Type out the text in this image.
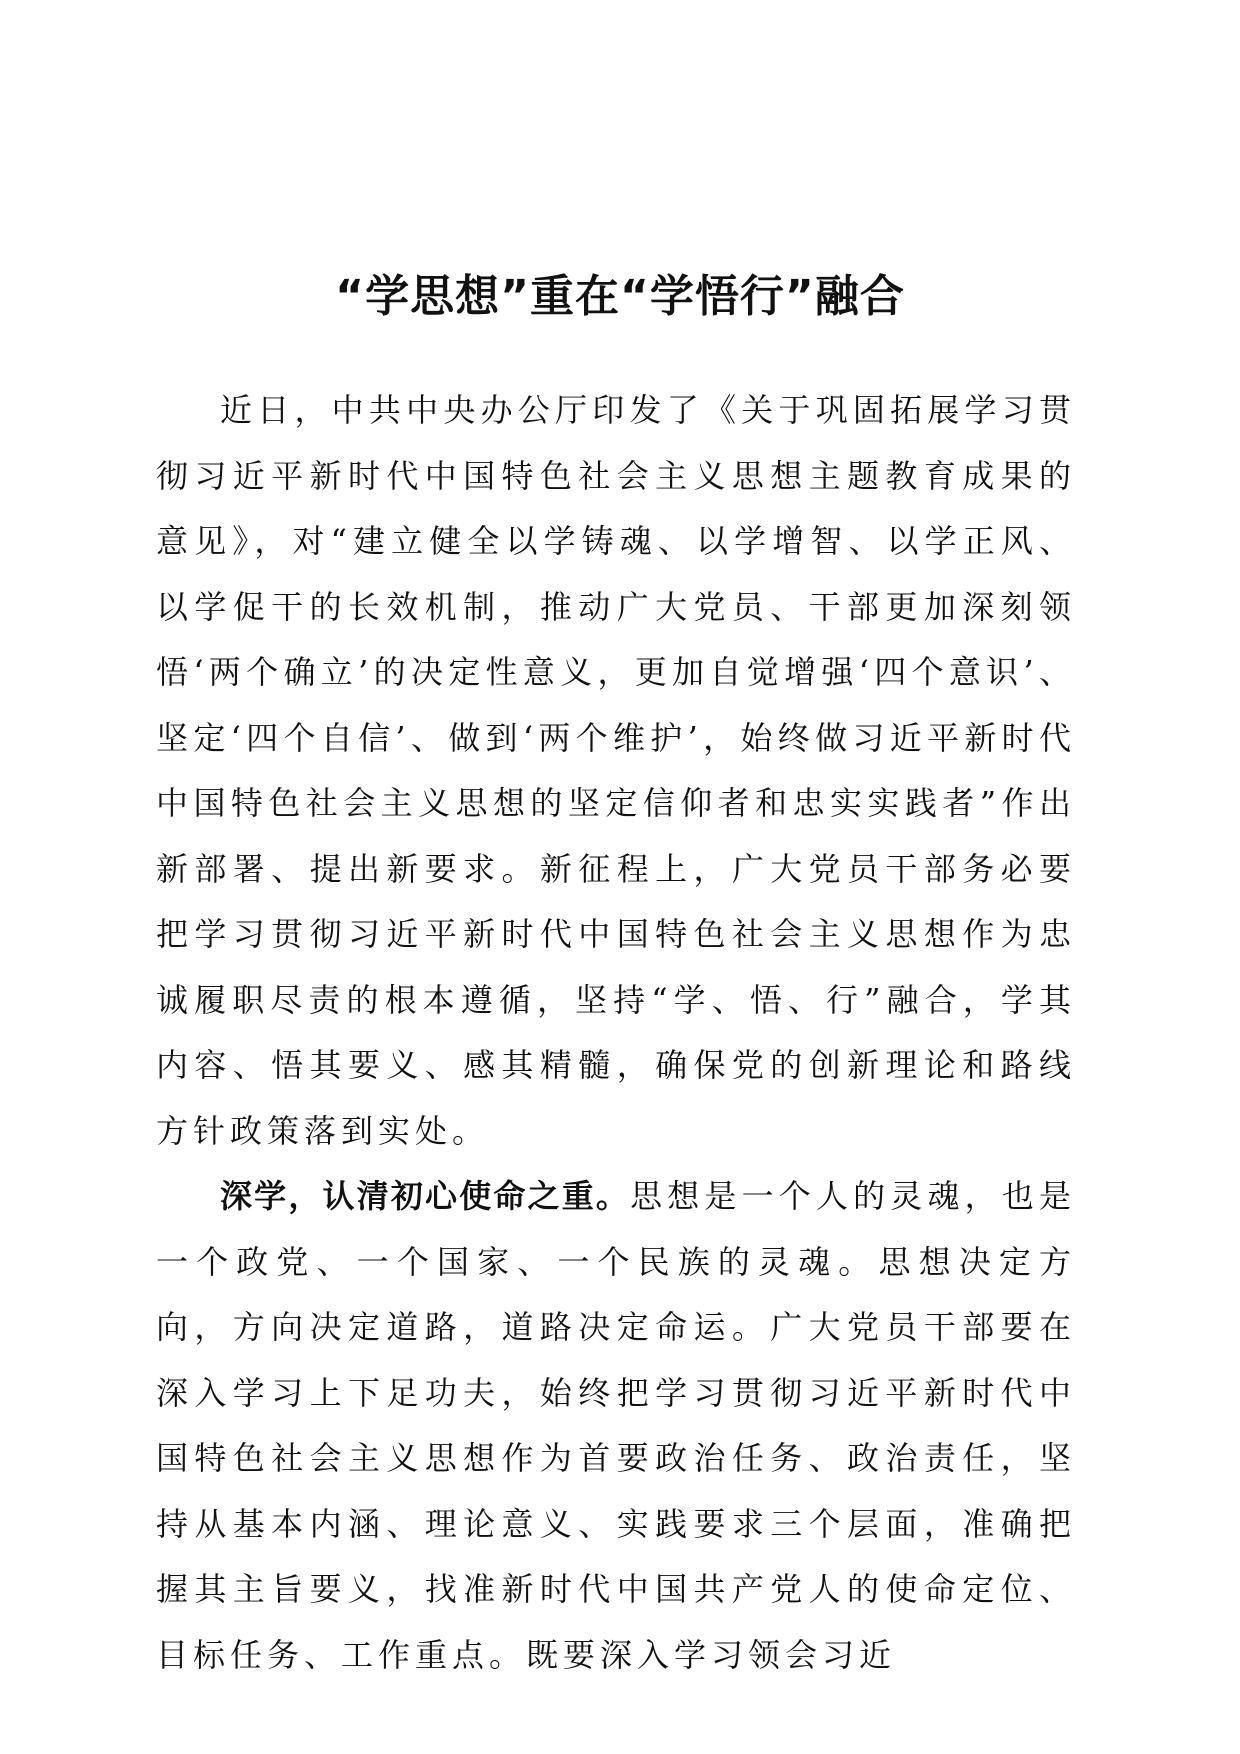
“学思想”重在“学悟行”融合

近日，中共中央办公厅印发了《关于巩固拓展学习贯彻习近平新时代中国特色社会主义思想主题教育成果的意见》，对“建立健全以学铸魂、以学增智、以学正风、以学促干的长效机制，推动广大党员、干部更加深刻领悟‘两个确立’的决定性意义，更加自觉增强‘四个意识’、坚定‘四个自信’、做到‘两个维护’，始终做习近平新时代中国特色社会主义思想的坚定信仰者和忠实实践者”作出新部署、提出新要求。新征程上，广大党员干部务必要把学习贯彻习近平新时代中国特色社会主义思想作为忠诚履职尽责的根本遵循，坚持“学、悟、行”融合，学其内容、悟其要义、感其精髓，确保党的创新理论和路线方针政策落到实处。

深学，认清初心使命之重。思想是一个人的灵魂，也是一个政党、一个国家、一个民族的灵魂。思想决定方向，方向决定道路，道路决定命运。广大党员干部要在深入学习上下足功夫，始终把学习贯彻习近平新时代中国特色社会主义思想作为首要政治任务、政治责任，坚持从基本内涵、理论意义、实践要求三个层面，准确把握其主旨要义，找准新时代中国共产党人的使命定位、目标任务、工作重点。既要深入学习领会习近
